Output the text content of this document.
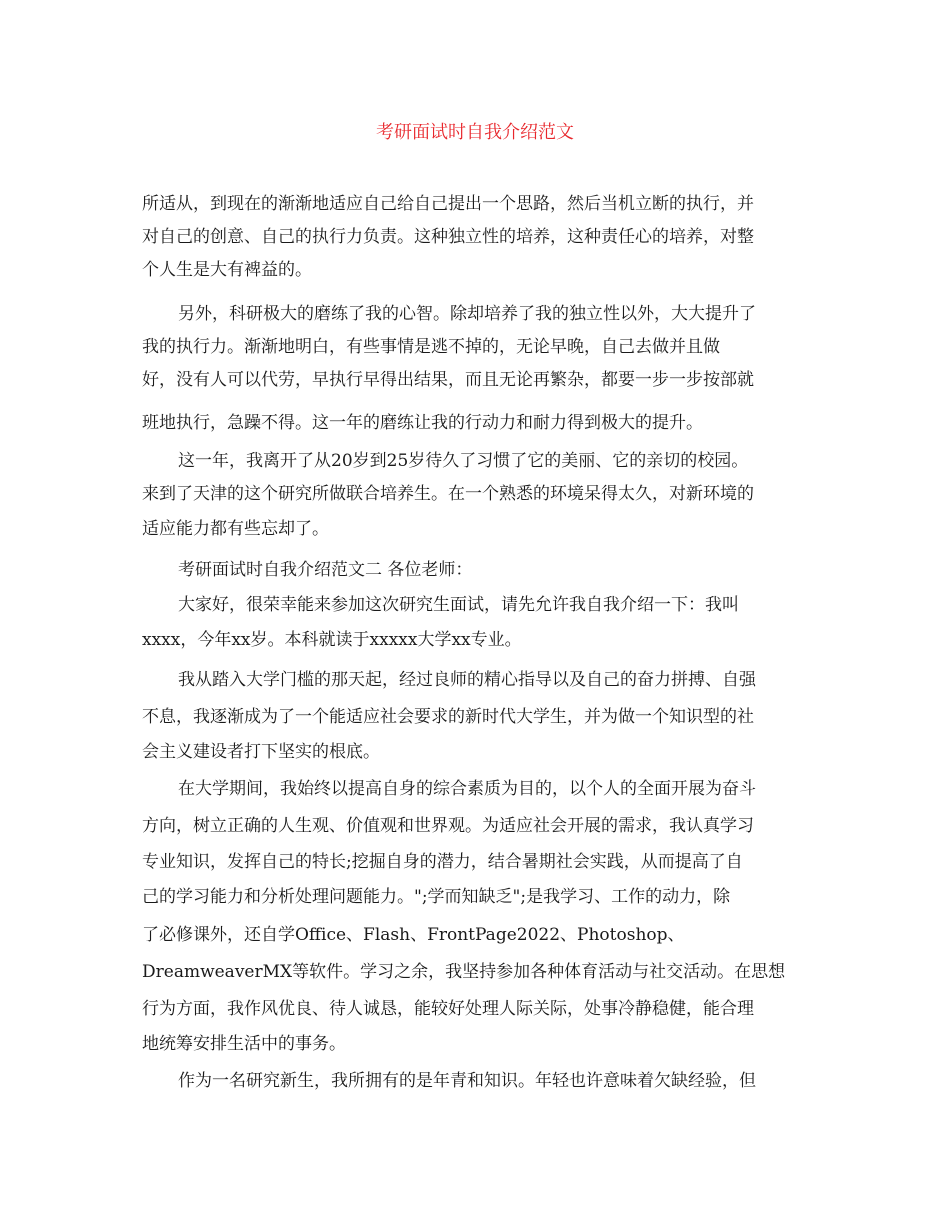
考研面试时自我介绍范文
所适从，到现在的渐渐地适应自己给自己提出一个思路，然后当机立断的执行，并
对自己的创意、自己的执行力负责。这种独立性的培养，这种责任心的培养，对整
个人生是大有裨益的。
另外，科研极大的磨练了我的心智。除却培养了我的独立性以外，大大提升了
我的执行力。渐渐地明白，有些事情是逃不掉的，无论早晚，自己去做并且做
好，没有人可以代劳，早执行早得出结果，而且无论再繁杂，都要一步一步按部就
班地执行，急躁不得。这一年的磨练让我的行动力和耐力得到极大的提升。
这一年，我离开了从20岁到25岁待久了习惯了它的美丽、它的亲切的校园。
来到了天津的这个研究所做联合培养生。在一个熟悉的环境呆得太久，对新环境的
适应能力都有些忘却了。
考研面试时自我介绍范文二 各位老师：
大家好，很荣幸能来参加这次研究生面试，请先允许我自我介绍一下：我叫
xxxx，今年xx岁。本科就读于xxxxx大学xx专业。
我从踏入大学门槛的那天起，经过良师的精心指导以及自己的奋力拼搏、自强
不息，我逐渐成为了一个能适应社会要求的新时代大学生，并为做一个知识型的社
会主义建设者打下坚实的根底。
在大学期间，我始终以提高自身的综合素质为目的，以个人的全面开展为奋斗
方向，树立正确的人生观、价值观和世界观。为适应社会开展的需求，我认真学习
专业知识，发挥自己的特长;挖掘自身的潜力，结合暑期社会实践，从而提高了自
己的学习能力和分析处理问题能力。";学而知缺乏";是我学习、工作的动力，除
了必修课外，还自学Office、Flash、FrontPage2022、Photoshop、
DreamweaverMX等软件。学习之余，我坚持参加各种体育活动与社交活动。在思想
行为方面，我作风优良、待人诚恳，能较好处理人际关际，处事冷静稳健，能合理
地统筹安排生活中的事务。
作为一名研究新生，我所拥有的是年青和知识。年轻也许意味着欠缺经验，但
